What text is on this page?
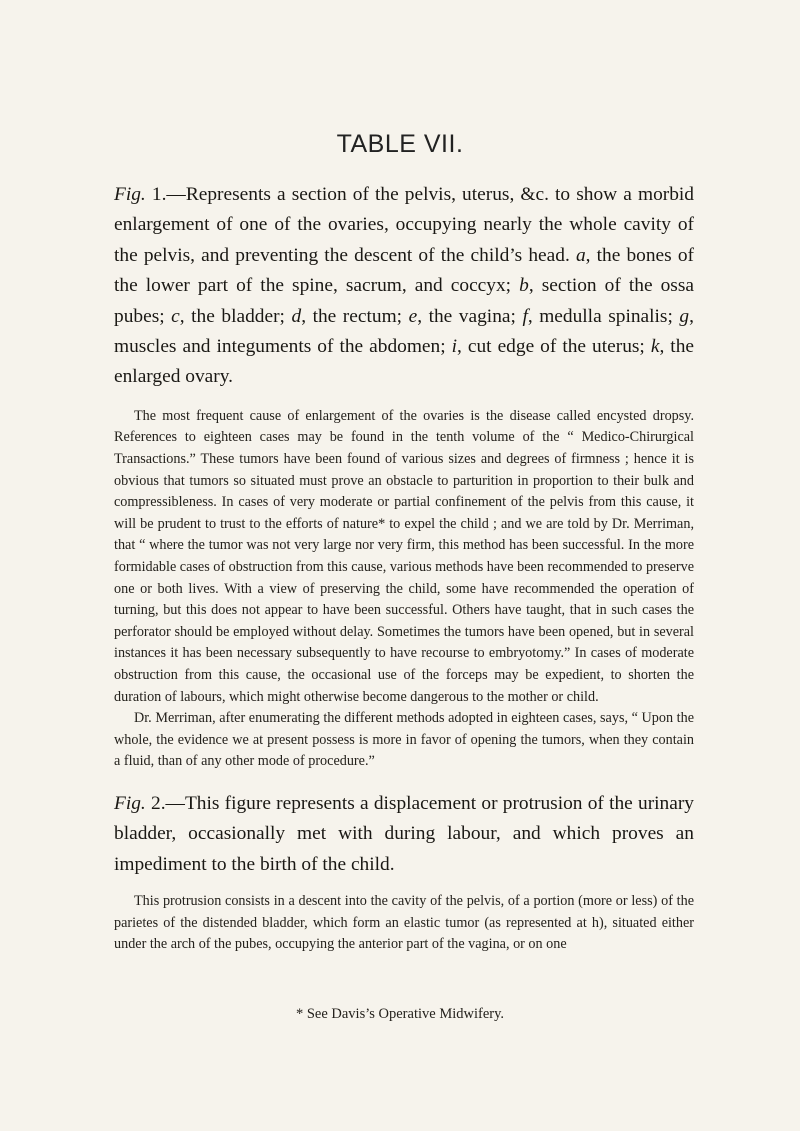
TABLE VII.

Fig. 1.—Represents a section of the pelvis, uterus, &c. to show a morbid enlargement of one of the ovaries, occupying nearly the whole cavity of the pelvis, and preventing the descent of the child’s head. a, the bones of the lower part of the spine, sacrum, and coccyx; b, section of the ossa pubes; c, the bladder; d, the rectum; e, the vagina; f, medulla spinalis; g, muscles and integuments of the abdomen; i, cut edge of the uterus; k, the enlarged ovary.

The most frequent cause of enlargement of the ovaries is the disease called encysted dropsy. References to eighteen cases may be found in the tenth volume of the “ Medico-Chirurgical Transactions.” These tumors have been found of various sizes and degrees of firmness ; hence it is obvious that tumors so situated must prove an obstacle to parturition in proportion to their bulk and compressibleness. In cases of very moderate or partial confinement of the pelvis from this cause, it will be prudent to trust to the efforts of nature* to expel the child ; and we are told by Dr. Merriman, that “ where the tumor was not very large nor very firm, this method has been successful. In the more formidable cases of obstruction from this cause, various methods have been recommended to preserve one or both lives. With a view of preserving the child, some have recommended the operation of turning, but this does not appear to have been successful. Others have taught, that in such cases the perforator should be employed without delay. Sometimes the tumors have been opened, but in several instances it has been necessary subsequently to have recourse to embryotomy.” In cases of moderate obstruction from this cause, the occasional use of the forceps may be expedient, to shorten the duration of labours, which might otherwise become dangerous to the mother or child.

Dr. Merriman, after enumerating the different methods adopted in eighteen cases, says, “ Upon the whole, the evidence we at present possess is more in favor of opening the tumors, when they contain a fluid, than of any other mode of procedure.”

Fig. 2.—This figure represents a displacement or protrusion of the urinary bladder, occasionally met with during labour, and which proves an impediment to the birth of the child.

This protrusion consists in a descent into the cavity of the pelvis, of a portion (more or less) of the parietes of the distended bladder, which form an elastic tumor (as represented at h), situated either under the arch of the pubes, occupying the anterior part of the vagina, or on one

* See Davis’s Operative Midwifery.
